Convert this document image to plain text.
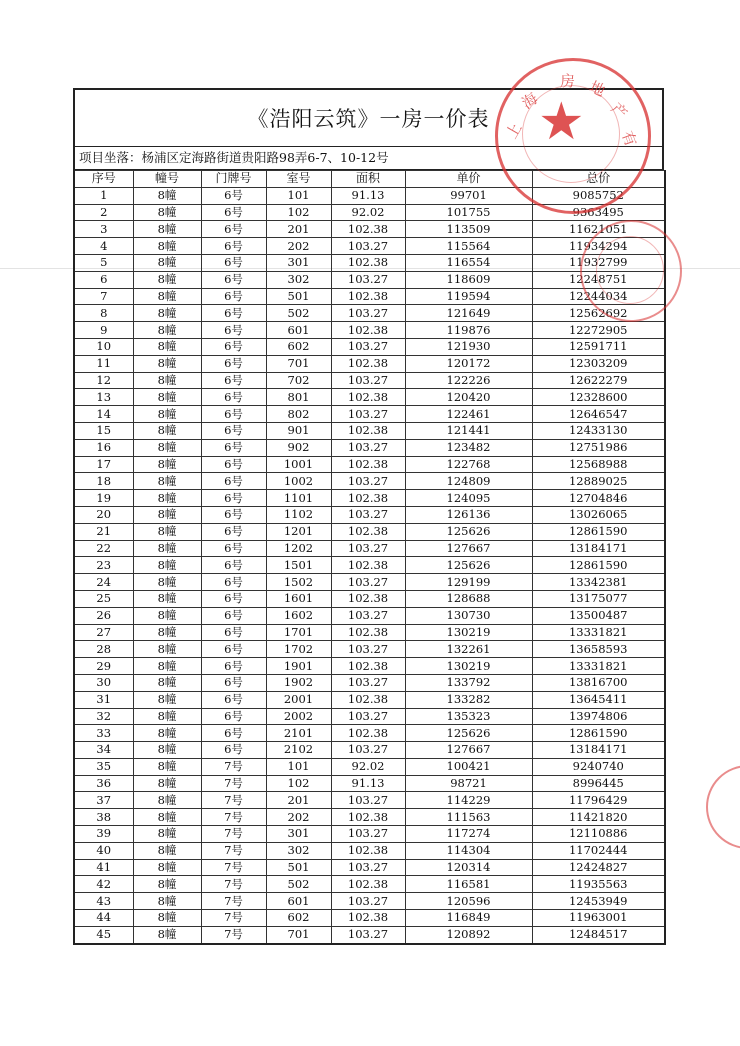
《浩阳云筑》一房一价表
项目坐落：杨浦区定海路街道贵阳路98弄6-7、10-12号
序号	幢号	门牌号	室号	面积	单价	总价
1	8幢	6号	101	91.13	99701	9085752
2	8幢	6号	102	92.02	101755	9363495
3	8幢	6号	201	102.38	113509	11621051
4	8幢	6号	202	103.27	115564	11934294
5	8幢	6号	301	102.38	116554	11932799
6	8幢	6号	302	103.27	118609	12248751
7	8幢	6号	501	102.38	119594	12244034
8	8幢	6号	502	103.27	121649	12562692
9	8幢	6号	601	102.38	119876	12272905
10	8幢	6号	602	103.27	121930	12591711
11	8幢	6号	701	102.38	120172	12303209
12	8幢	6号	702	103.27	122226	12622279
13	8幢	6号	801	102.38	120420	12328600
14	8幢	6号	802	103.27	122461	12646547
15	8幢	6号	901	102.38	121441	12433130
16	8幢	6号	902	103.27	123482	12751986
17	8幢	6号	1001	102.38	122768	12568988
18	8幢	6号	1002	103.27	124809	12889025
19	8幢	6号	1101	102.38	124095	12704846
20	8幢	6号	1102	103.27	126136	13026065
21	8幢	6号	1201	102.38	125626	12861590
22	8幢	6号	1202	103.27	127667	13184171
23	8幢	6号	1501	102.38	125626	12861590
24	8幢	6号	1502	103.27	129199	13342381
25	8幢	6号	1601	102.38	128688	13175077
26	8幢	6号	1602	103.27	130730	13500487
27	8幢	6号	1701	102.38	130219	13331821
28	8幢	6号	1702	103.27	132261	13658593
29	8幢	6号	1901	102.38	130219	13331821
30	8幢	6号	1902	103.27	133792	13816700
31	8幢	6号	2001	102.38	133282	13645411
32	8幢	6号	2002	103.27	135323	13974806
33	8幢	6号	2101	102.38	125626	12861590
34	8幢	6号	2102	103.27	127667	13184171
35	8幢	7号	101	92.02	100421	9240740
36	8幢	7号	102	91.13	98721	8996445
37	8幢	7号	201	103.27	114229	11796429
38	8幢	7号	202	102.38	111563	11421820
39	8幢	7号	301	103.27	117274	12110886
40	8幢	7号	302	102.38	114304	11702444
41	8幢	7号	501	103.27	120314	12424827
42	8幢	7号	502	102.38	116581	11935563
43	8幢	7号	601	103.27	120596	12453949
44	8幢	7号	602	102.38	116849	11963001
45	8幢	7号	701	103.27	120892	12484517
★
上
海
房 地
产
有
